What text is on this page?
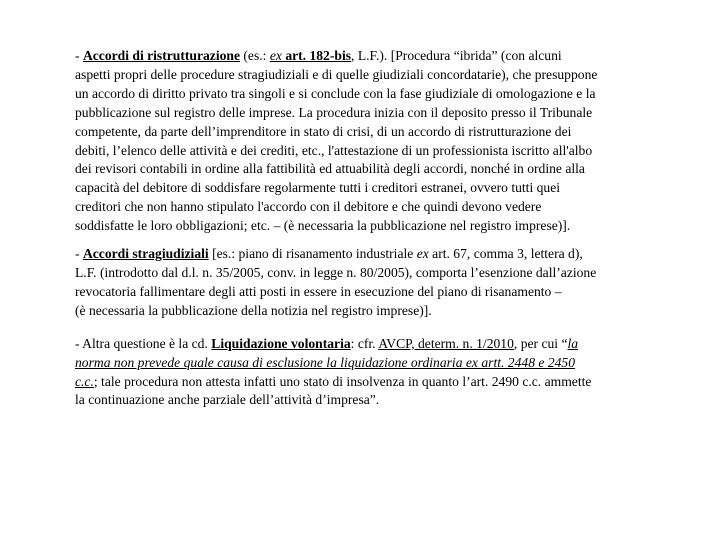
- Accordi di ristrutturazione (es.: ex art. 182-bis, L.F.). [Procedura “ibrida” (con alcuni
aspetti propri delle procedure stragiudiziali e di quelle giudiziali concordatarie), che presuppone
un accordo di diritto privato tra singoli e si conclude con la fase giudiziale di omologazione e la
pubblicazione sul registro delle imprese. La procedura inizia con il deposito presso il Tribunale
competente, da parte dell’imprenditore in stato di crisi, di un accordo di ristrutturazione dei
debiti, l’elenco delle attività e dei crediti, etc., l'attestazione di un professionista iscritto all'albo
dei revisori contabili in ordine alla fattibilità ed attuabilità degli accordi, nonché in ordine alla
capacità del debitore di soddisfare regolarmente tutti i creditori estranei, ovvero tutti quei
creditori che non hanno stipulato l'accordo con il debitore e che quindi devono vedere
soddisfatte le loro obbligazioni; etc. – (è necessaria la pubblicazione nel registro imprese)].
- Accordi stragiudiziali [es.: piano di risanamento industriale ex art. 67, comma 3, lettera d),
L.F. (introdotto dal d.l. n. 35/2005, conv. in legge n. 80/2005), comporta l’esenzione dall’azione
revocatoria fallimentare degli atti posti in essere in esecuzione del piano di risanamento –
(è necessaria la pubblicazione della notizia nel registro imprese)].
- Altra questione è la cd. Liquidazione volontaria: cfr. AVCP, determ. n. 1/2010, per cui “la
norma non prevede quale causa di esclusione la liquidazione ordinaria ex artt. 2448 e 2450
c.c.; tale procedura non attesta infatti uno stato di insolvenza in quanto l’art. 2490 c.c. ammette
la continuazione anche parziale dell’attività d’impresa”.
